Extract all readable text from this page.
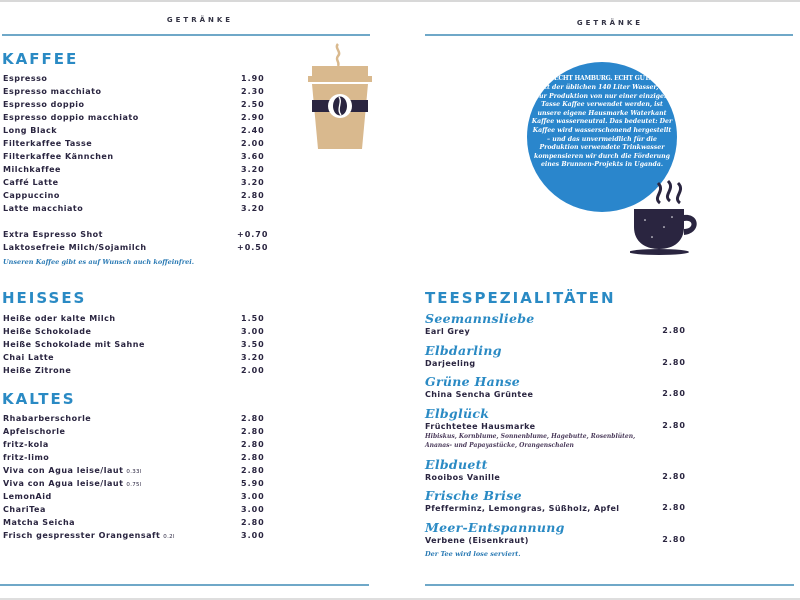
GETRÄNKE
KAFFEE
Espresso	1.90
Espresso macchiato	2.30
Espresso doppio	2.50
Espresso doppio macchiato	2.90
Long Black	2.40
Filterkaffee Tasse	2.00
Filterkaffee Kännchen	3.60
Milchkaffee	3.20
Caffé Latte	3.20
Cappuccino	2.80
Latte macchiato	3.20
Extra Espresso Shot	+0.70
Laktosefreie Milch/Sojamilch	+0.50
Unseren Kaffee gibt es auf Wunsch auch koffeinfrei.
HEISSES
Heiße oder kalte Milch	1.50
Heiße Schokolade	3.00
Heiße Schokolade mit Sahne	3.50
Chai Latte	3.20
Heiße Zitrone	2.00
KALTES
Rhabarberschorle	2.80
Apfelschorle	2.80
fritz-kola	2.80
fritz-limo	2.80
Viva con Agua leise/laut 0.33l	2.80
Viva con Agua leise/laut 0.75l	5.90
LemonAid	3.00
ChariTea	3.00
Matcha Seicha	2.80
Frisch gespresster Orangensaft 0.2l	3.00
GETRÄNKE
ECHT HAMBURG. ECHT GUT.
Statt der üblichen 140 Liter Wasser, die zur Produktion von nur einer einzigen Tasse Kaffee verwendet werden, ist unsere eigene Hausmarke Waterkant Kaffee wasserneutral. Das bedeutet: Der Kaffee wird wasserschonend hergestellt – und das unvermeidlich für die Produktion verwendete Trinkwasser kompensieren wir durch die Förderung eines Brunnen-Projekts in Uganda.
TEESPEZIALITÄTEN
Seemannsliebe
Earl Grey	2.80
Elbdarling
Darjeeling	2.80
Grüne Hanse
China Sencha Grüntee	2.80
Elbglück
Früchtetee Hausmarke	2.80
Hibiskus, Kornblume, Sonnenblume, Hagebutte, Rosenblüten,
Ananas- und Papayastücke, Orangenschalen
Elbduett
Rooibos Vanille	2.80
Frische Brise
Pfefferminz, Lemongras, Süßholz, Apfel	2.80
Meer-Entspannung
Verbene (Eisenkraut)	2.80
Der Tee wird lose serviert.
